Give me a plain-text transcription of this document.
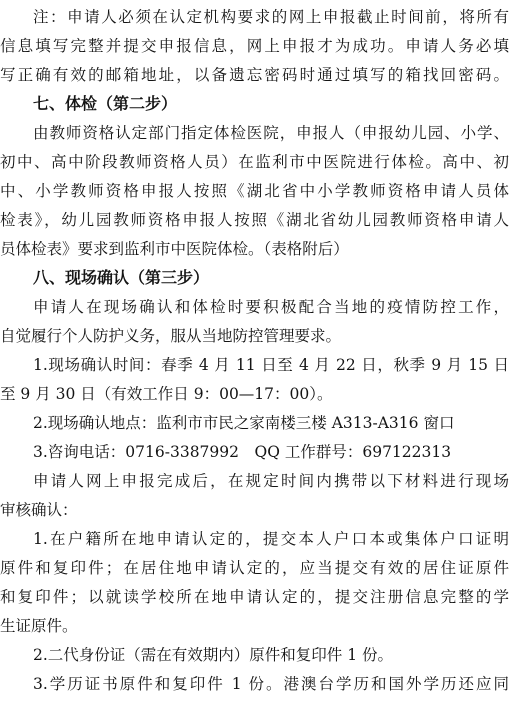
注：申请人必须在认定机构要求的网上申报截止时间前，将所有

信息填写完整并提交申报信息，网上申报才为成功。申请人务必填

写正确有效的邮箱地址，以备遗忘密码时通过填写的箱找回密码。

七、体检（第二步）

由教师资格认定部门指定体检医院，申报人（申报幼儿园、小学、

初中、高中阶段教师资格人员）在监利市中医院进行体检。高中、初

中、小学教师资格申报人按照《湖北省中小学教师资格申请人员体

检表》，幼儿园教师资格申报人按照《湖北省幼儿园教师资格申请人

员体检表》要求到监利市中医院体检。（表格附后）

八、现场确认（第三步）

申请人在现场确认和体检时要积极配合当地的疫情防控工作，

自觉履行个人防护义务，服从当地防控管理要求。

1.现场确认时间：春季 4 月 11 日至 4 月 22 日，秋季 9 月 15 日

至 9 月 30 日（有效工作日 9：00—17：00）。

2.现场确认地点：监利市市民之家南楼三楼 A313-A316 窗口

3.咨询电话：0716-3387992　QQ 工作群号：697122313

申请人网上申报完成后，在规定时间内携带以下材料进行现场

审核确认：

1.在户籍所在地申请认定的，提交本人户口本或集体户口证明

原件和复印件；在居住地申请认定的，应当提交有效的居住证原件

和复印件；以就读学校所在地申请认定的，提交注册信息完整的学

生证原件。

2.二代身份证（需在有效期内）原件和复印件 1 份。

3.学历证书原件和复印件 1 份。港澳台学历和国外学历还应同
